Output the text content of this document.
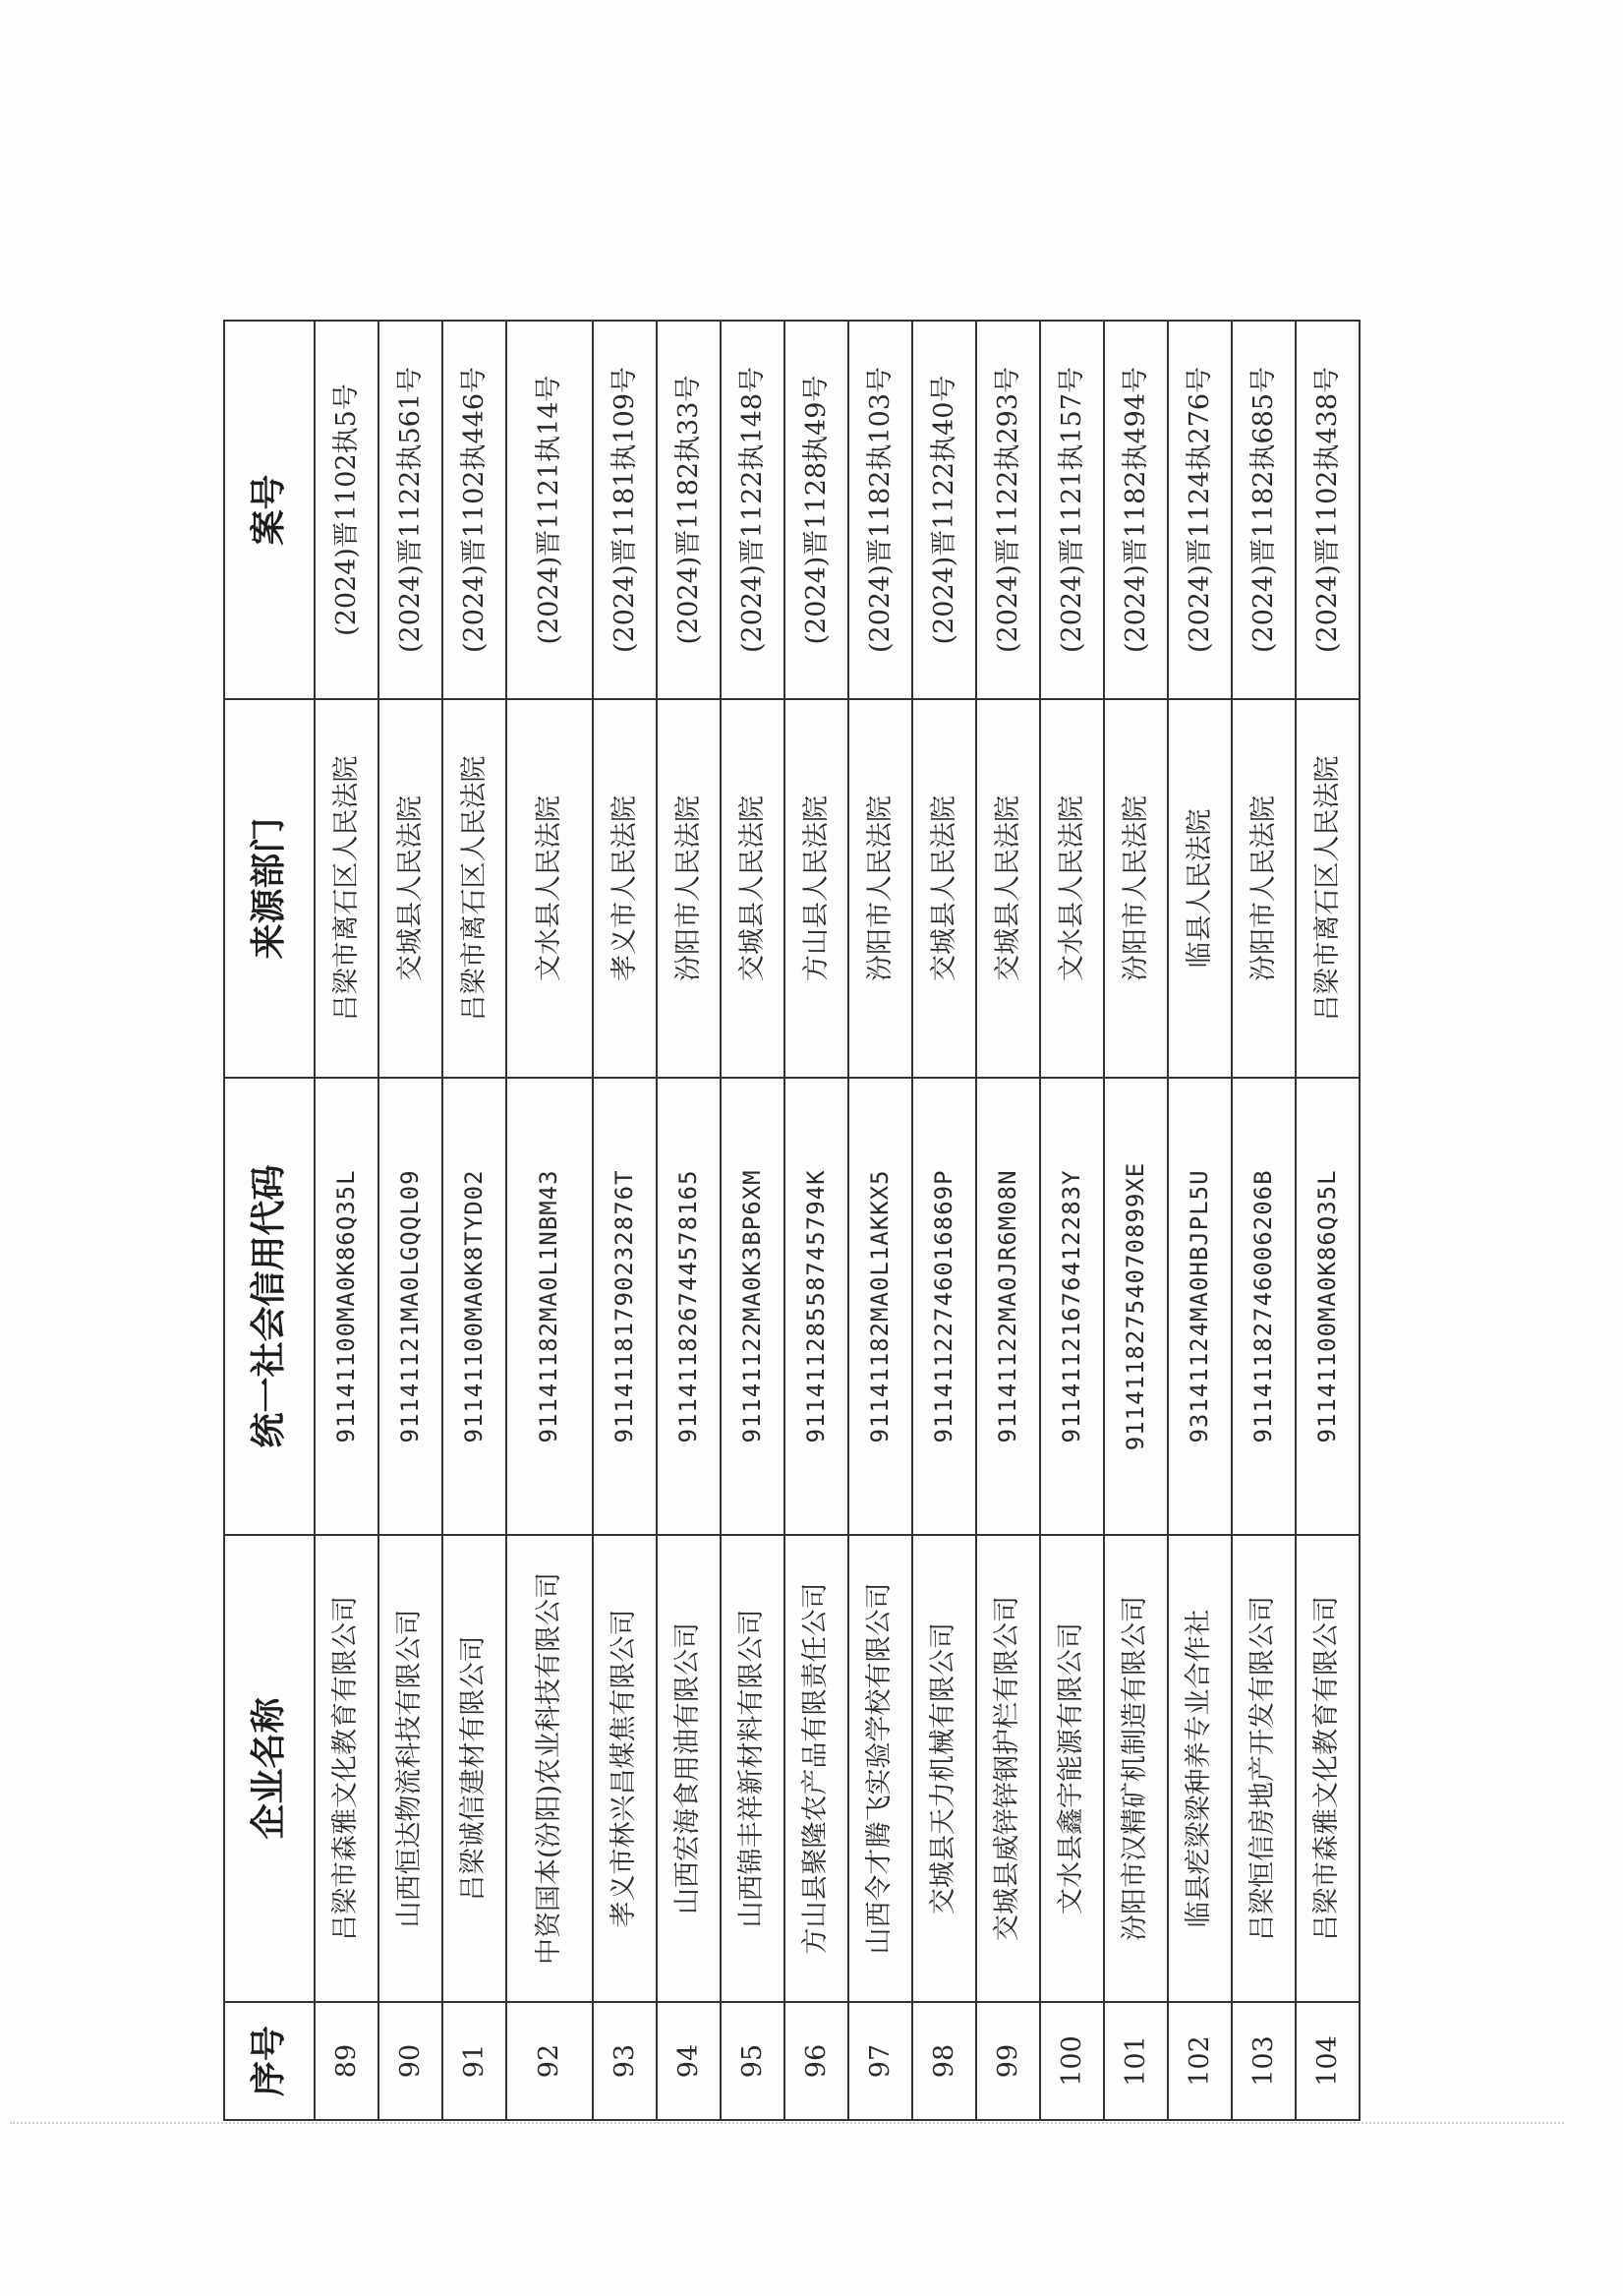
序号	企业名称	统一社会信用代码	来源部门	案号
89	吕梁市森雅文化教育有限公司	91141100MA0K86Q35L	吕梁市离石区人民法院	(2024)晋1102执5号
90	山西恒达物流科技有限公司	91141121MA0LGQQL09	交城县人民法院	(2024)晋1122执561号
91	吕梁诚信建材有限公司	91141100MA0K8TYD02	吕梁市离石区人民法院	(2024)晋1102执446号
92	中资国本(汾阳)农业科技有限公司	91141182MA0L1NBM43	文水县人民法院	(2024)晋1121执14号
93	孝义市林兴昌煤焦有限公司	91141181790232876T	孝义市人民法院	(2024)晋1181执109号
94	山西宏海食用油有限公司	911411826744578165	汾阳市人民法院	(2024)晋1182执33号
95	山西锦丰祥新材料有限公司	91141122MA0K3BP6XM	交城县人民法院	(2024)晋1122执148号
96	方山县聚隆农产品有限责任公司	91141128558745794K	方山县人民法院	(2024)晋1128执49号
97	山西令才腾飞实验学校有限公司	91141182MA0L1AKKX5	汾阳市人民法院	(2024)晋1182执103号
98	交城县天力机械有限公司	91141122746016869P	交城县人民法院	(2024)晋1122执40号
99	交城县威锌锌钢护栏有限公司	91141122MA0JR6M08N	交城县人民法院	(2024)晋1122执293号
100	文水县鑫宇能源有限公司	91141121676412283Y	文水县人民法院	(2024)晋1121执157号
101	汾阳市汉精矿机制造有限公司	91141182754070899XE	汾阳市人民法院	(2024)晋1182执494号
102	临县疙梁梁种养专业合作社	93141124MA0HBJPL5U	临县人民法院	(2024)晋1124执276号
103	吕梁恒信房地产开发有限公司	91141182746006206B	汾阳市人民法院	(2024)晋1182执685号
104	吕梁市森雅文化教育有限公司	91141100MA0K86Q35L	吕梁市离石区人民法院	(2024)晋1102执438号
